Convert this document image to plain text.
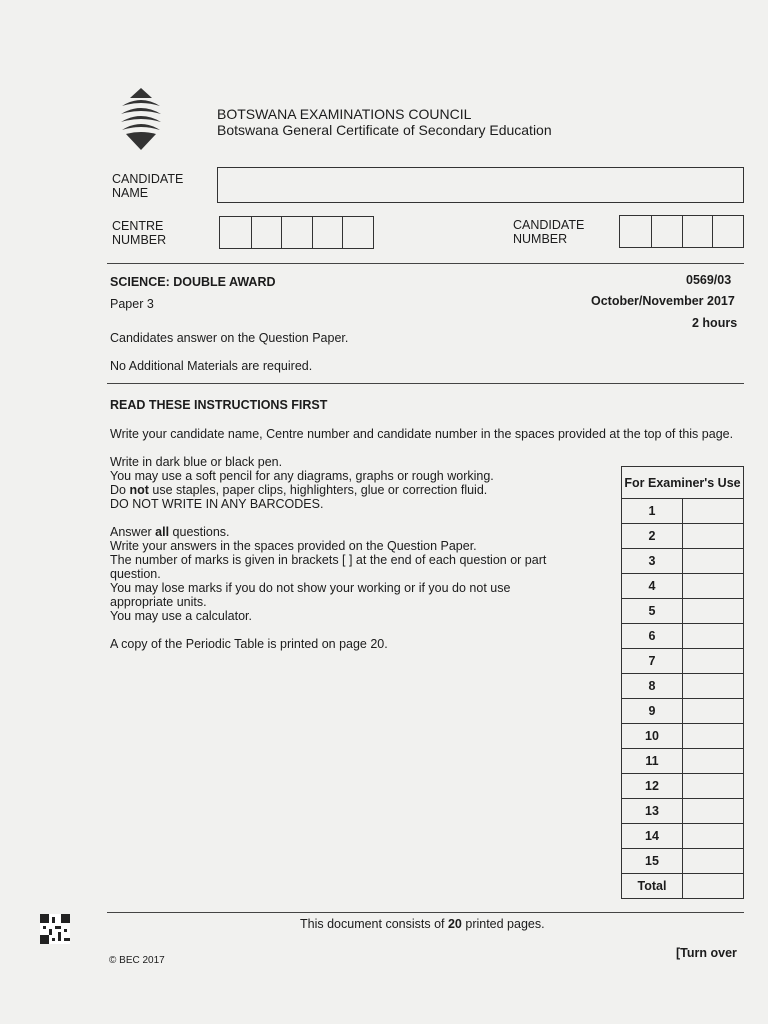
BOTSWANA EXAMINATIONS COUNCIL
Botswana General Certificate of Secondary Education
CANDIDATE
NAME
CENTRE
NUMBER
CANDIDATE
NUMBER
SCIENCE: DOUBLE AWARD	0569/03
Paper 3	October/November 2017
2 hours
Candidates answer on the Question Paper.
No Additional Materials are required.
READ THESE INSTRUCTIONS FIRST

Write your candidate name, Centre number and candidate number in the spaces provided at the top of this page.

Write in dark blue or black pen.

You may use a soft pencil for any diagrams, graphs or rough working.

Do not use staples, paper clips, highlighters, glue or correction fluid.

DO NOT WRITE IN ANY BARCODES.

Answer all questions.

Write your answers in the spaces provided on the Question Paper.

The number of marks is given in brackets [ ] at the end of each question or part question.

You may lose marks if you do not show your working or if you do not use appropriate units.

You may use a calculator.

A copy of the Periodic Table is printed on page 20.
For Examiner's Use	
1	
2	
3	
4	
5	
6	
7	
8	
9	
10	
11	
12	
13	
14	
15	
Total	
This document consists of 20 printed pages.
© BEC 2017
[Turn over
